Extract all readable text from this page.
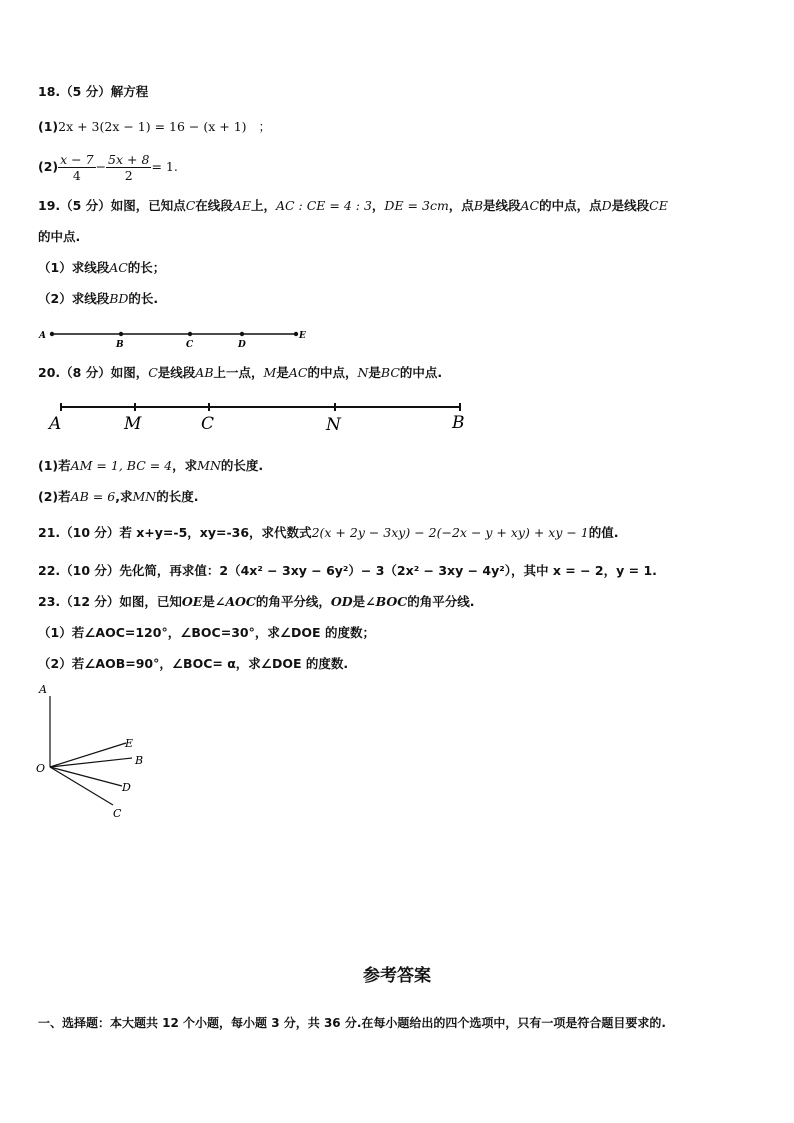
18.（5 分）解方程
(1)2x + 3(2x − 1) = 16 − (x + 1) ；
$(2) \frac{x - 7}{4} - \frac{5x + 8}{2} = 1$.
19.（5 分）如图，已知点C在线段AE上，AC : CE = 4 : 3，DE = 3cm，点B是线段AC的中点，点D是线段CE
的中点.
（1）求线段AC的长；
（2）求线段BD的长.
A
B	C	D
E
20.（8 分）如图，C是线段AB上一点，M是AC的中点，N是BC的中点.
A	M	C	N	B
(1)若AM = 1, BC = 4，求MN的长度.
(2)若AB = 6,求MN的长度.
21.（10 分）若 x+y=-5，xy=-36，求代数式2(x + 2y − 3xy) − 2(−2x − y + xy) + xy − 1的值.
22.（10 分）先化简，再求值：2（4x² − 3xy − 6y²）− 3（2x² − 3xy − 4y²），其中 x = − 2，y = 1.
23.（12 分）如图，已知OE是∠AOC的角平分线，OD是∠BOC的角平分线.
（1）若∠AOC=120°，∠BOC=30°，求∠DOE 的度数；
（2）若∠AOB=90°，∠BOC= α，求∠DOE 的度数.
A
E
B
O
D
C
参考答案
一、选择题：本大题共 12 个小题，每小题 3 分，共 36 分.在每小题给出的四个选项中，只有一项是符合题目要求的.
